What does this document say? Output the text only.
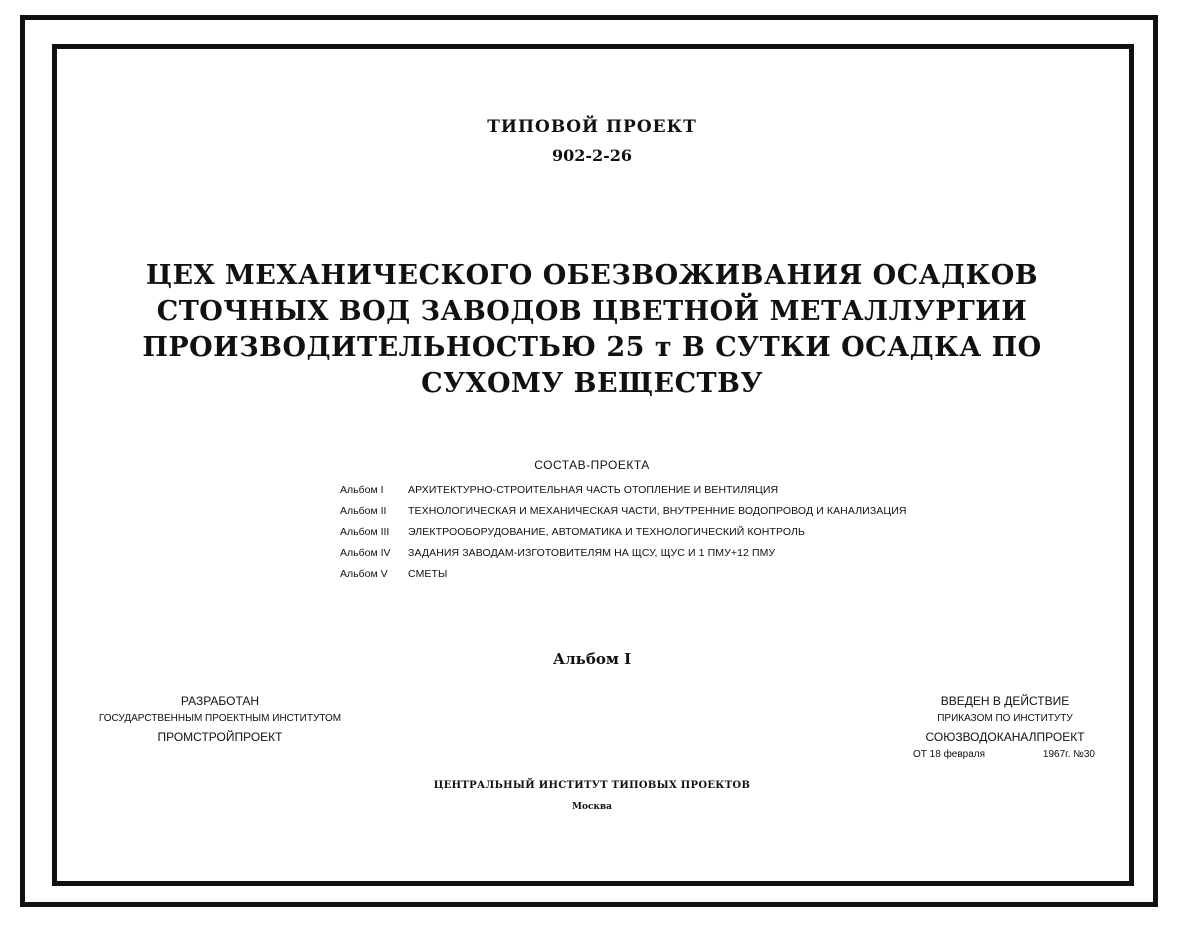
ТИПОВОЙ ПРОЕКТ
902-2-26
ЦЕХ МЕХАНИЧЕСКОГО ОБЕЗВОЖИВАНИЯ ОСАДКОВ
СТОЧНЫХ ВОД ЗАВОДОВ ЦВЕТНОЙ МЕТАЛЛУРГИИ
ПРОИЗВОДИТЕЛЬНОСТЬЮ 25 т В СУТКИ ОСАДКА ПО
СУХОМУ ВЕЩЕСТВУ
СОСТАВ-ПРОЕКТА
Альбом I	АРХИТЕКТУРНО-СТРОИТЕЛЬНАЯ ЧАСТЬ ОТОПЛЕНИЕ И ВЕНТИЛЯЦИЯ
Альбом II	ТЕХНОЛОГИЧЕСКАЯ И МЕХАНИЧЕСКАЯ ЧАСТИ, ВНУТРЕННИЕ ВОДОПРОВОД И КАНАЛИЗАЦИЯ
Альбом III	ЭЛЕКТРООБОРУДОВАНИЕ, АВТОМАТИКА И ТЕХНОЛОГИЧЕСКИЙ КОНТРОЛЬ
Альбом IV	ЗАДАНИЯ ЗАВОДАМ-ИЗГОТОВИТЕЛЯМ НА ЩСУ, ЩУС И 1 ПМУ+12 ПМУ
Альбом V	СМЕТЫ
Альбом I
РАЗРАБОТАН
ГОСУДАРСТВЕННЫМ ПРОЕКТНЫМ ИНСТИТУТОМ
ПРОМСТРОЙПРОЕКТ
ВВЕДЕН В ДЕЙСТВИЕ
ПРИКАЗОМ ПО ИНСТИТУТУ
СОЮЗВОДОКАНАЛПРОЕКТ
ОТ 18 февраля	1967г. №30
ЦЕНТРАЛЬНЫЙ ИНСТИТУТ ТИПОВЫХ ПРОЕКТОВ
Москва
